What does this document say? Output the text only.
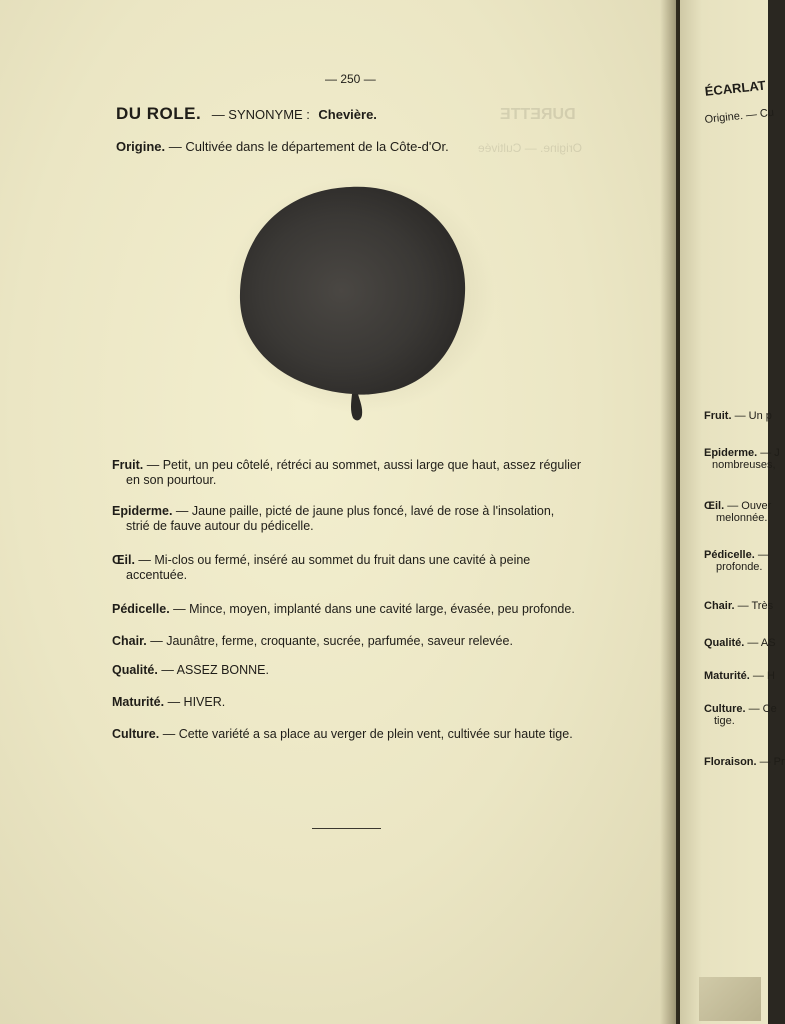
DURETTE
Origine. — Cultivée
— 250 —
DU ROLE. — SYNONYME : Chevière.
Origine. — Cultivée dans le département de la Côte-d'Or.
Fruit. — Petit, un peu côtelé, rétréci au sommet, aussi large que haut, assez régulier
en son pourtour.
Epiderme. — Jaune paille, picté de jaune plus foncé, lavé de rose à l'insolation,
strié de fauve autour du pédicelle.
Œil. — Mi-clos ou fermé, inséré au sommet du fruit dans une cavité à peine
accentuée.
Pédicelle. — Mince, moyen, implanté dans une cavité large, évasée, peu profonde.
Chair. — Jaunâtre, ferme, croquante, sucrée, parfumée, saveur relevée.
Qualité. — ASSEZ BONNE.
Maturité. — HIVER.
Culture. — Cette variété a sa place au verger de plein vent, cultivée sur haute tige.
ÉCARLAT
Origine. — Cu
Fruit. — Un p
Epiderme. — J
nombreuses,
Œil. — Ouver
melonnée.
Pédicelle. —
profonde.
Chair. — Très
Qualité. — AS
Maturité. — H
Culture. — Ce
tige.
Floraison. — Pr
